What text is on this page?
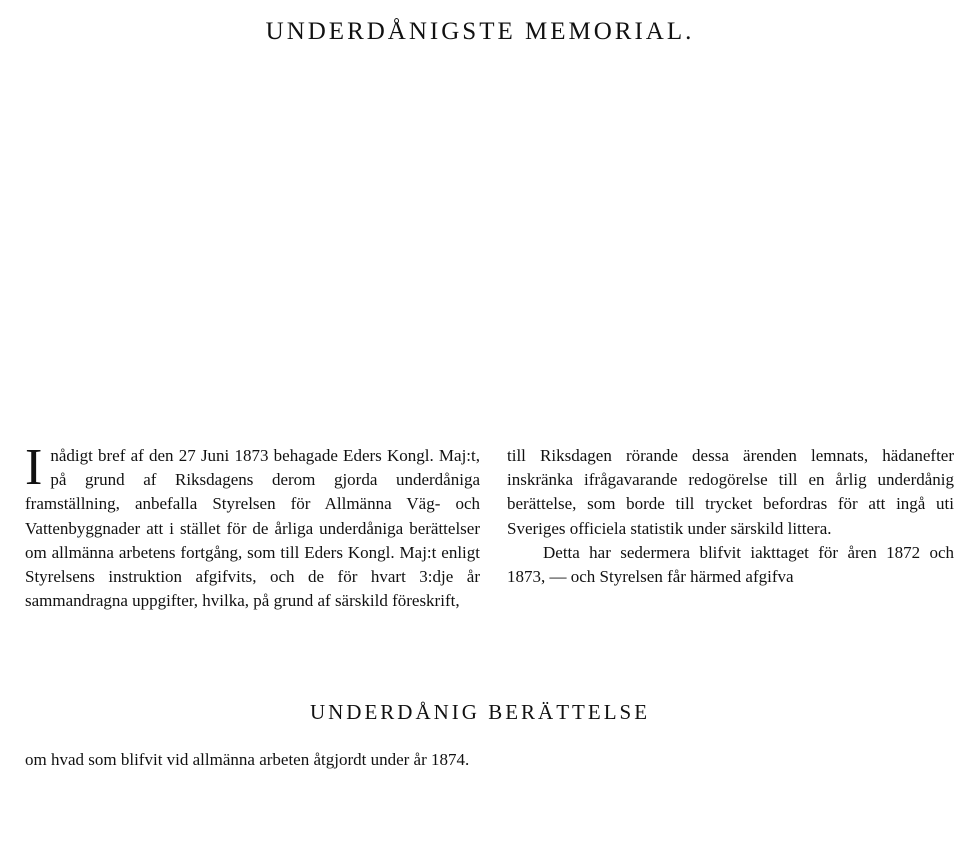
UNDERDÅNIGSTE MEMORIAL.

Inådigt bref af den 27 Juni 1873 behagade Eders Kongl. Maj:t, på grund af Riksdagens derom gjorda underdåniga framställning, anbefalla Styrelsen för Allmänna Väg- och Vattenbyggnader att i stället för de årliga underdåniga berättelser om allmänna arbetens fortgång, som till Eders Kongl. Maj:t enligt Styrelsens instruktion afgifvits, och de för hvart 3:dje år sammandragna uppgifter, hvilka, på grund af särskild föreskrift,

till Riksdagen rörande dessa ärenden lemnats, hädanefter inskränka ifrågavarande redogörelse till en årlig underdånig berättelse, som borde till trycket befordras för att ingå uti Sveriges officiela statistik under särskild littera.

Detta har sedermera blifvit iakttaget för åren 1872 och 1873, — och Styrelsen får härmed afgifva

UNDERDÅNIG BERÄTTELSE

om hvad som blifvit vid allmänna arbeten åtgjordt under år 1874.
